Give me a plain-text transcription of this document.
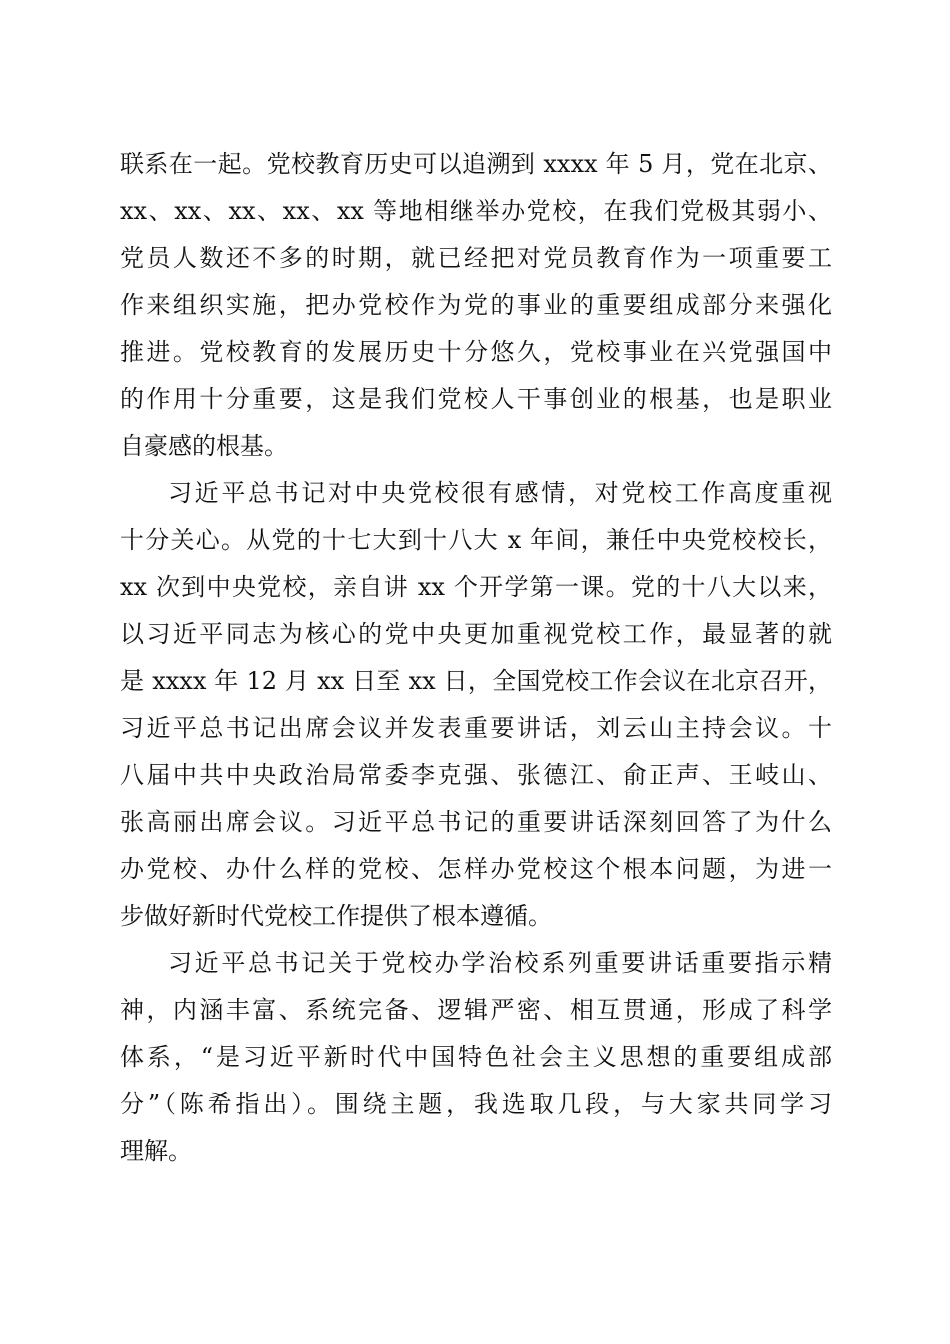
联系在一起。党校教育历史可以追溯到 xxxx 年 5 月，党在北京、
xx、xx、xx、xx、xx 等地相继举办党校，在我们党极其弱小、
党员人数还不多的时期，就已经把对党员教育作为一项重要工
作来组织实施，把办党校作为党的事业的重要组成部分来强化
推进。党校教育的发展历史十分悠久，党校事业在兴党强国中
的作用十分重要，这是我们党校人干事创业的根基，也是职业
自豪感的根基。
习近平总书记对中央党校很有感情，对党校工作高度重视
十分关心。从党的十七大到十八大 x 年间，兼任中央党校校长，
xx 次到中央党校，亲自讲 xx 个开学第一课。党的十八大以来，
以习近平同志为核心的党中央更加重视党校工作，最显著的就
是 xxxx 年 12 月 xx 日至 xx 日，全国党校工作会议在北京召开，
习近平总书记出席会议并发表重要讲话，刘云山主持会议。十
八届中共中央政治局常委李克强、张德江、俞正声、王岐山、
张高丽出席会议。习近平总书记的重要讲话深刻回答了为什么
办党校、办什么样的党校、怎样办党校这个根本问题，为进一
步做好新时代党校工作提供了根本遵循。
习近平总书记关于党校办学治校系列重要讲话重要指示精
神，内涵丰富、系统完备、逻辑严密、相互贯通，形成了科学
体系，“是习近平新时代中国特色社会主义思想的重要组成部
分”（陈希指出）。围绕主题，我选取几段，与大家共同学习
理解。
